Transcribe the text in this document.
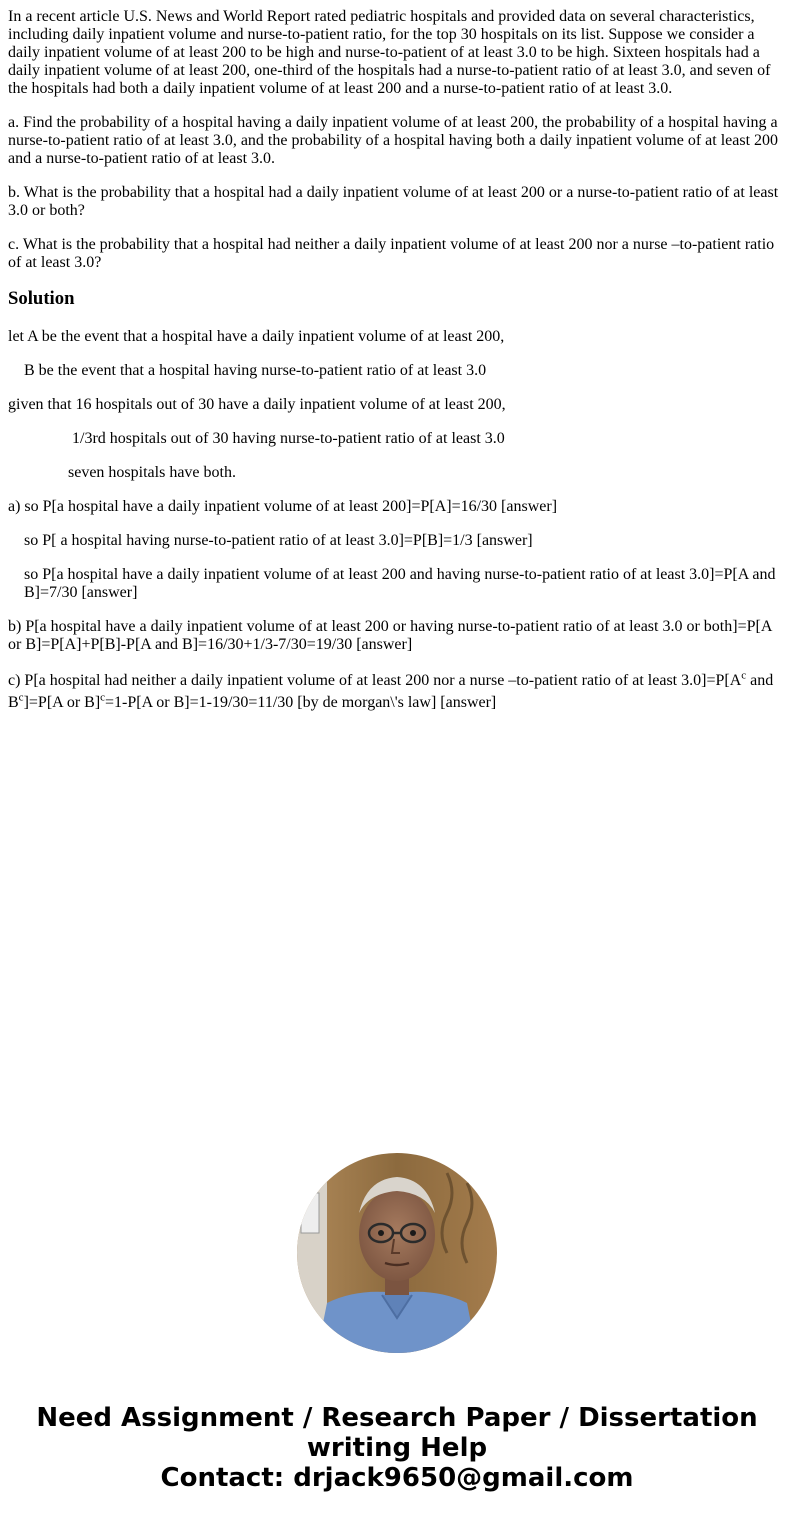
In a recent article U.S. News and World Report rated pediatric hospitals and provided data on several characteristics, including daily inpatient volume and nurse-to-patient ratio, for the top 30 hospitals on its list. Suppose we consider a daily inpatient volume of at least 200 to be high and nurse-to-patient of at least 3.0 to be high. Sixteen hospitals had a daily inpatient volume of at least 200, one-third of the hospitals had a nurse-to-patient ratio of at least 3.0, and seven of the hospitals had both a daily inpatient volume of at least 200 and a nurse-to-patient ratio of at least 3.0.

a. Find the probability of a hospital having a daily inpatient volume of at least 200, the probability of a hospital having a nurse-to-patient ratio of at least 3.0, and the probability of a hospital having both a daily inpatient volume of at least 200 and a nurse-to-patient ratio of at least 3.0.

b. What is the probability that a hospital had a daily inpatient volume of at least 200 or a nurse-to-patient ratio of at least 3.0 or both?

c. What is the probability that a hospital had neither a daily inpatient volume of at least 200 nor a nurse –to-patient ratio of at least 3.0?

Solution

let A be the event that a hospital have a daily inpatient volume of at least 200,

B be the event that a hospital having nurse-to-patient ratio of at least 3.0

given that 16 hospitals out of 30 have a daily inpatient volume of at least 200,

1/3rd hospitals out of 30 having nurse-to-patient ratio of at least 3.0

seven hospitals have both.

a) so P[a hospital have a daily inpatient volume of at least 200]=P[A]=16/30 [answer]

so P[ a hospital having nurse-to-patient ratio of at least 3.0]=P[B]=1/3 [answer]

so P[a hospital have a daily inpatient volume of at least 200 and having nurse-to-patient ratio of at least 3.0]=P[A and B]=7/30 [answer]

b) P[a hospital have a daily inpatient volume of at least 200 or having nurse-to-patient ratio of at least 3.0 or both]=P[A or B]=P[A]+P[B]-P[A and B]=16/30+1/3-7/30=19/30 [answer]

c) P[a hospital had neither a daily inpatient volume of at least 200 nor a nurse –to-patient ratio of at least $3.0]=P[A^c$ and $B^c]=P[A$ or B]$^c$=1-P[A or B]=1-19/30=11/30 [by de morgan\'s law] [answer]

Need Assignment / Research Paper / Dissertation
writing Help
Contact: drjack9650@gmail.com
